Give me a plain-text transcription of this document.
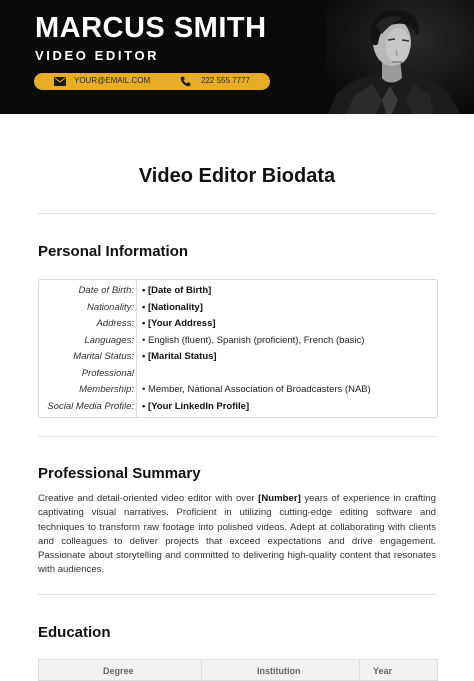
MARCUS SMITH
VIDEO EDITOR
YOUR@EMAIL.COM	222 555 7777
Video Editor Biodata
Personal Information
Date of Birth: • [Date of Birth]
Nationality: • [Nationality]
Address: • [Your Address]
Languages: • English (fluent), Spanish (proficient), French (basic)
Marital Status: • [Marital Status]
Professional
Membership: • Member, National Association of Broadcasters (NAB)
Social Media Profile: • [Your LinkedIn Profile]
Professional Summary
Creative and detail-oriented video editor with over [Number] years of experience in crafting captivating visual narratives. Proficient in utilizing cutting-edge editing software and techniques to transform raw footage into polished videos. Adept at collaborating with clients and colleagues to deliver projects that exceed expectations and drive engagement. Passionate about storytelling and committed to delivering high-quality content that resonates with audiences.
Education
Degree	Institution	Year
